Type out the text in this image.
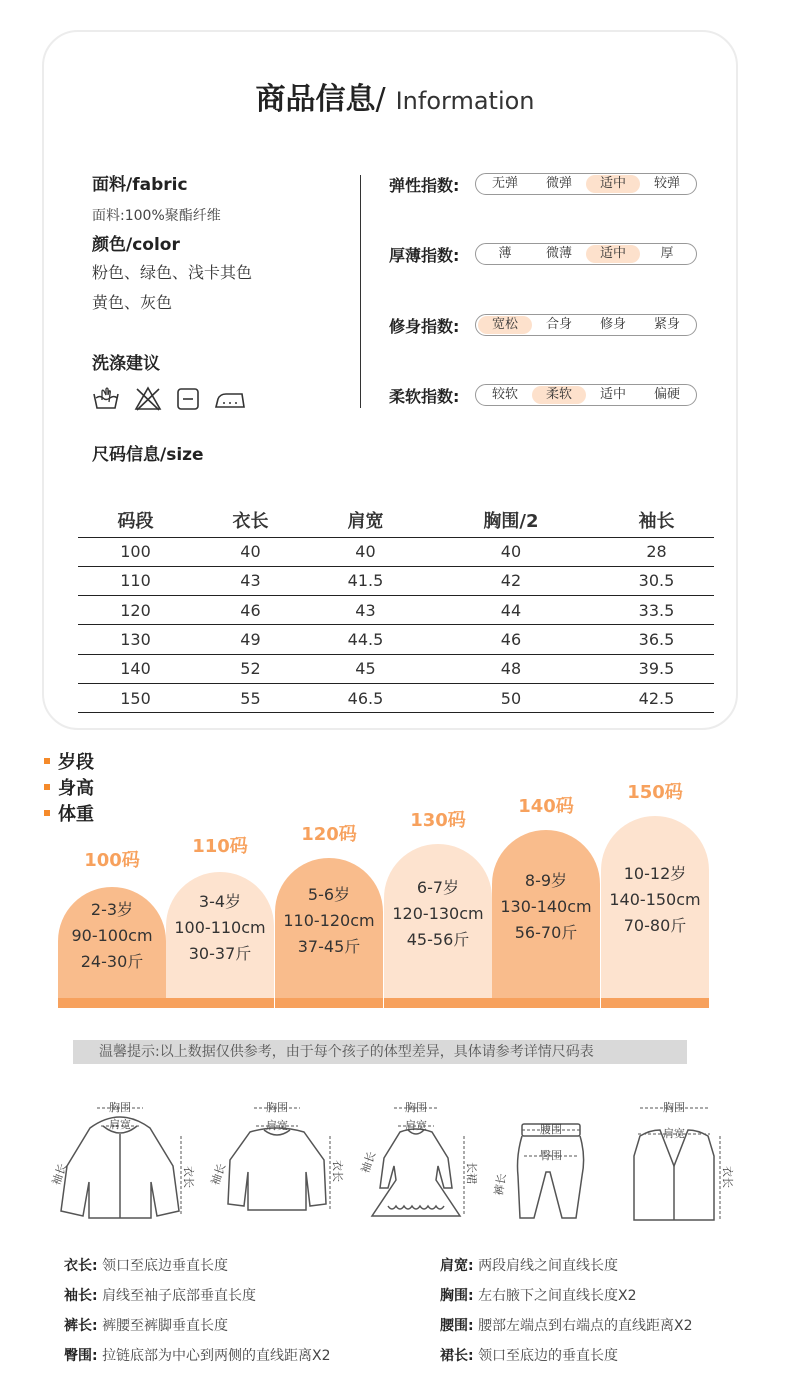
商品信息/ Information
面料/fabric
面料:100%聚酯纤维
颜色/color
粉色、绿色、浅卡其色
黄色、灰色
洗涤建议
尺码信息/size
弹性指数:	无弹	微弹	适中	较弹
厚薄指数:	薄	微薄	适中	厚
修身指数:	宽松	合身	修身	紧身
柔软指数:	较软	柔软	适中	偏硬
码段	衣长	肩宽	胸围/2	袖长
100	40	40	40	28
110	43	41.5	42	30.5
120	46	43	44	33.5
130	49	44.5	46	36.5
140	52	45	48	39.5
150	55	46.5	50	42.5
岁段
身高
体重
100码
2-3岁
90-100cm
24-30斤
110码
3-4岁
100-110cm
30-37斤
120码
5-6岁
110-120cm
37-45斤
130码
6-7岁
120-130cm
45-56斤
140码
8-9岁
130-140cm
56-70斤
150码
10-12岁
140-150cm
70-80斤
温馨提示:以上数据仅供参考，由于每个孩子的体型差异，具体请参考详情尺码表
胸围
肩宽
袖长	衣长
胸围
肩宽
袖长	衣长
胸围
肩宽
袖长	长裙
腰围
臀围
裤长
胸围
肩宽
衣长
衣长: 领口至底边垂直长度	肩宽: 两段肩线之间直线长度
袖长: 肩线至袖子底部垂直长度	胸围: 左右腋下之间直线长度X2
裤长: 裤腰至裤脚垂直长度	腰围: 腰部左端点到右端点的直线距离X2
臀围: 拉链底部为中心到两侧的直线距离X2	裙长: 领口至底边的垂直长度
